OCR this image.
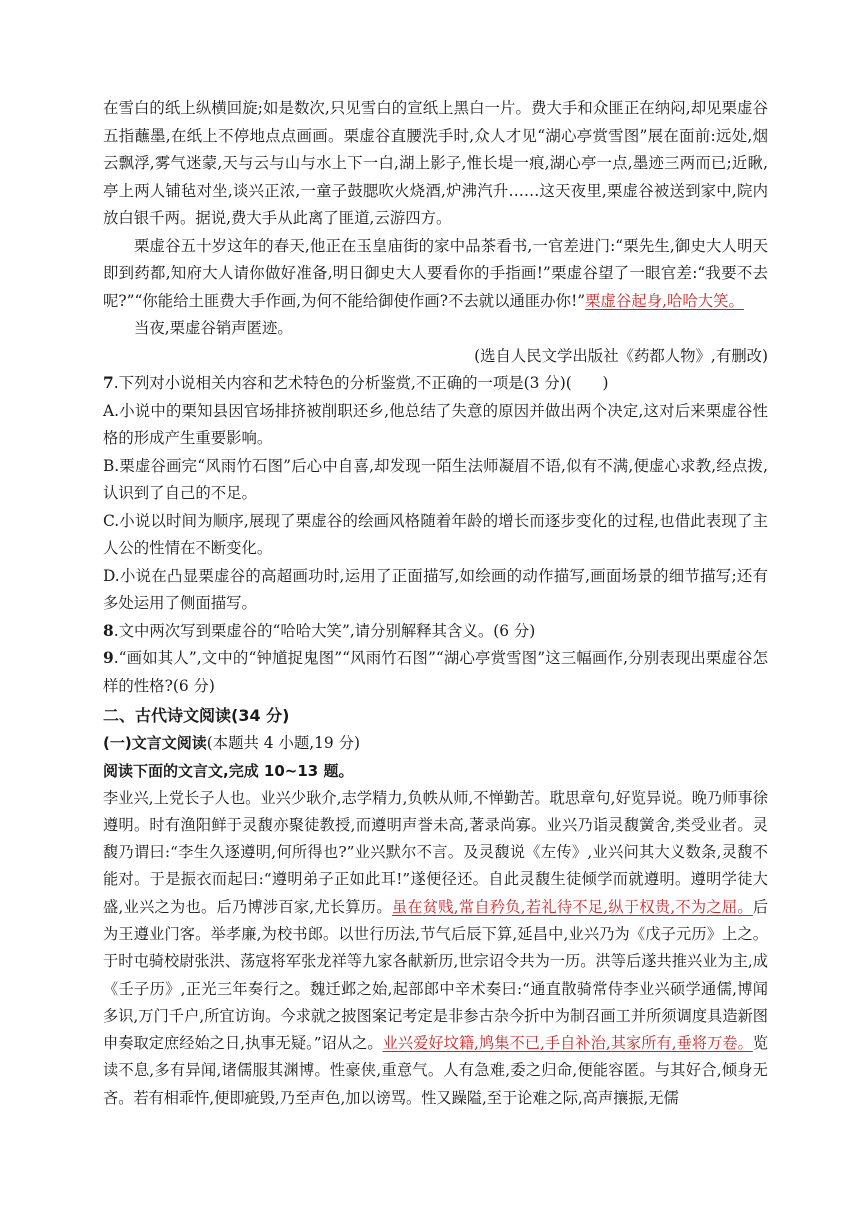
在雪白的纸上纵横回旋;如是数次,只见雪白的宣纸上黑白一片。费大手和众匪正在纳闷,却见栗虚谷五指蘸墨,在纸上不停地点点画画。栗虚谷直腰洗手时,众人才见“湖心亭赏雪图”展在面前:远处,烟云飘浮,雾气迷蒙,天与云与山与水上下一白,湖上影子,惟长堤一痕,湖心亭一点,墨迹三两而已;近瞅,亭上两人铺毡对坐,谈兴正浓,一童子鼓腮吹火烧酒,炉沸汽升……这天夜里,栗虚谷被送到家中,院内放白银千两。据说,费大手从此离了匪道,云游四方。

栗虚谷五十岁这年的春天,他正在玉皇庙街的家中品茶看书,一官差进门:“栗先生,御史大人明天即到药都,知府大人请你做好准备,明日御史大人要看你的手指画!”栗虚谷望了一眼官差:“我要不去呢?”“你能给土匪费大手作画,为何不能给御使作画?不去就以通匪办你!”栗虚谷起身,哈哈大笑。

当夜,栗虚谷销声匿迹。

(选自人民文学出版社《药都人物》,有删改)

7.下列对小说相关内容和艺术特色的分析鉴赏,不正确的一项是(3 分)(　　)

A.小说中的栗知县因官场排挤被削职还乡,他总结了失意的原因并做出两个决定,这对后来栗虚谷性格的形成产生重要影响。

B.栗虚谷画完“风雨竹石图”后心中自喜,却发现一陌生法师凝眉不语,似有不满,便虚心求教,经点拨,认识到了自己的不足。

C.小说以时间为顺序,展现了栗虚谷的绘画风格随着年龄的增长而逐步变化的过程,也借此表现了主人公的性情在不断变化。

D.小说在凸显栗虚谷的高超画功时,运用了正面描写,如绘画的动作描写,画面场景的细节描写;还有多处运用了侧面描写。

8.文中两次写到栗虚谷的“哈哈大笑”,请分别解释其含义。(6 分)

9.“画如其人”,文中的“钟馗捉鬼图”“风雨竹石图”“湖心亭赏雪图”这三幅画作,分别表现出栗虚谷怎样的性格?(6 分)

二、古代诗文阅读(34 分)

(一)文言文阅读(本题共 4 小题,19 分)

阅读下面的文言文,完成 10~13 题。

李业兴,上党长子人也。业兴少耿介,志学精力,负帙从师,不惮勤苦。耽思章句,好览异说。晚乃师事徐遵明。时有渔阳鲜于灵馥亦聚徒教授,而遵明声誉未高,著录尚寡。业兴乃诣灵馥黉舍,类受业者。灵馥乃谓曰:“李生久逐遵明,何所得也?”业兴默尔不言。及灵馥说《左传》,业兴问其大义数条,灵馥不能对。于是振衣而起曰:“遵明弟子正如此耳!”遂便径还。自此灵馥生徒倾学而就遵明。遵明学徒大盛,业兴之为也。后乃博涉百家,尤长算历。虽在贫贱,常自矜负,若礼待不足,纵于权贵,不为之屈。后为王遵业门客。举孝廉,为校书郎。以世行历法,节气后辰下算,延昌中,业兴乃为《戊子元历》上之。于时屯骑校尉张洪、荡寇将军张龙祥等九家各献新历,世宗诏令共为一历。洪等后遂共推兴业为主,成《壬子历》,正光三年奏行之。魏迁邺之始,起部郎中辛术奏曰:“通直散骑常侍李业兴硕学通儒,博闻多识,万门千户,所宜访询。今求就之披图案记考定是非参古杂今折中为制召画工并所须调度具造新图申奏取定庶经始之日,执事无疑。”诏从之。业兴爱好坟籍,鸠集不已,手自补治,其家所有,垂将万卷。览读不息,多有异闻,诸儒服其渊博。性豪侠,重意气。人有急难,委之归命,便能容匿。与其好合,倾身无吝。若有相乖忤,便即疵毁,乃至声色,加以谤骂。性又躁隘,至于论难之际,高声攘振,无儒
